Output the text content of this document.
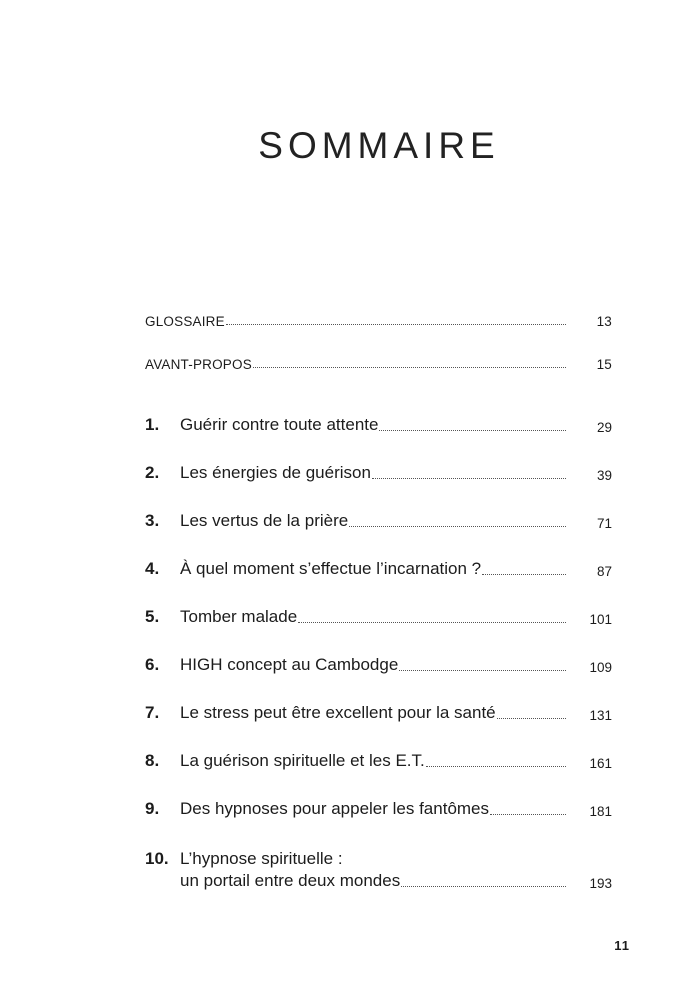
SOMMAIRE
GLOSSAIRE	13
AVANT-PROPOS	15
1.	Guérir contre toute attente	29
2.	Les énergies de guérison	39
3.	Les vertus de la prière	71
4.	À quel moment s’effectue l’incarnation ?	87
5.	Tomber malade	101
6.	HIGH concept au Cambodge	109
7.	Le stress peut être excellent pour la santé	131
8.	La guérison spirituelle et les E.T.	161
9.	Des hypnoses pour appeler les fantômes	181
10. L’hypnose spirituelle :
un portail entre deux mondes	193
11
